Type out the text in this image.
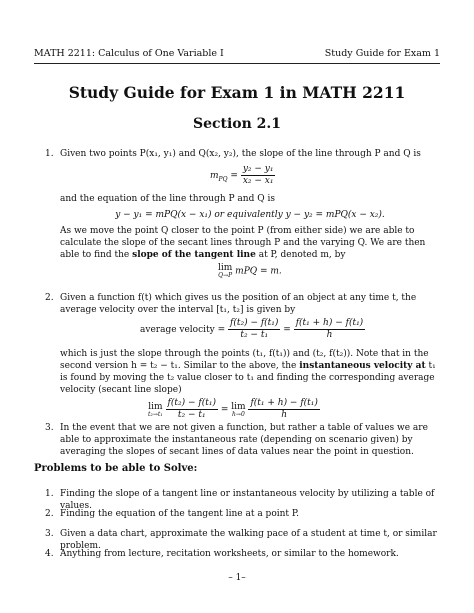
MATH 2211: Calculus of One Variable I	Study Guide for Exam 1
Study Guide for Exam 1 in MATH 2211
Section 2.1
1. Given two points P(x₁, y₁) and Q(x₂, y₂), the slope of the line through P and Q is
$m_{PQ} = \frac{\text{y₂ − y₁}}{\text{x₂ − x₁}}$
and the equation of the line through P and Q is
y − y₁ = mPQ(x − x₁) or equivalently y − y₂ = mPQ(x − x₂).
As we move the point Q closer to the point P (from either side) we are able to calculate the slope of the secant lines through P and the varying Q. We are then able to find the slope of the tangent line at P, denoted m, by
lim
Q→P mPQ = m.
2. Given a function f(t) which gives us the position of an object at any time t, the average velocity over the interval [t₁, t₂] is given by
average velocity = $\frac{\text{f(t₂) − f(t₁)}}{\text{t₂ − t₁}} = \frac{\text{f(t₁ + h) − f(t₁)}}{h}$
which is just the slope through the points (t₁, f(t₁)) and (t₂, f(t₂)). Note that in the second version h = t₂ − t₁. Similar to the above, the instantaneous velocity at t₁ is found by moving the t₂ value closer to t₁ and finding the corresponding average velocity (secant line slope)
lim
t₂→t₁
$\frac{\text{f(t₂) − f(t₁)}}{\text{t₂ − t₁}} = \lim$
h→0
$\frac{\text{f(t₁ + h) − f(t₁)}}{h}$
3. In the event that we are not given a function, but rather a table of values we are able to approximate the instantaneous rate (depending on scenario given) by averaging the slopes of secant lines of data values near the point in question.
Problems to be able to Solve:
1. Finding the slope of a tangent line or instantaneous velocity by utilizing a table of values.
2. Finding the equation of the tangent line at a point P.
3. Given a data chart, approximate the walking pace of a student at time t, or similar problem.
4. Anything from lecture, recitation worksheets, or similar to the homework.
– 1–
